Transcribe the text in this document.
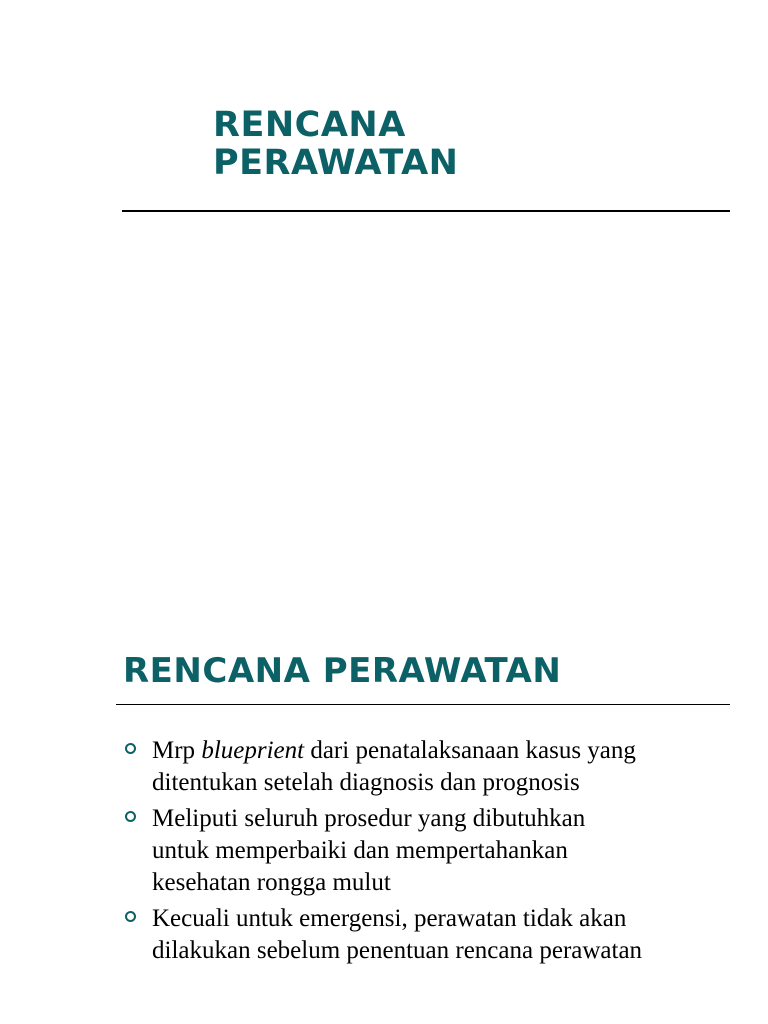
RENCANA
PERAWATAN
RENCANA PERAWATAN
Mrp blueprient dari penatalaksanaan kasus yang
ditentukan setelah diagnosis dan prognosis
Meliputi seluruh prosedur yang dibutuhkan
untuk memperbaiki dan mempertahankan
kesehatan rongga mulut
Kecuali untuk emergensi, perawatan tidak akan
dilakukan sebelum penentuan rencana perawatan
